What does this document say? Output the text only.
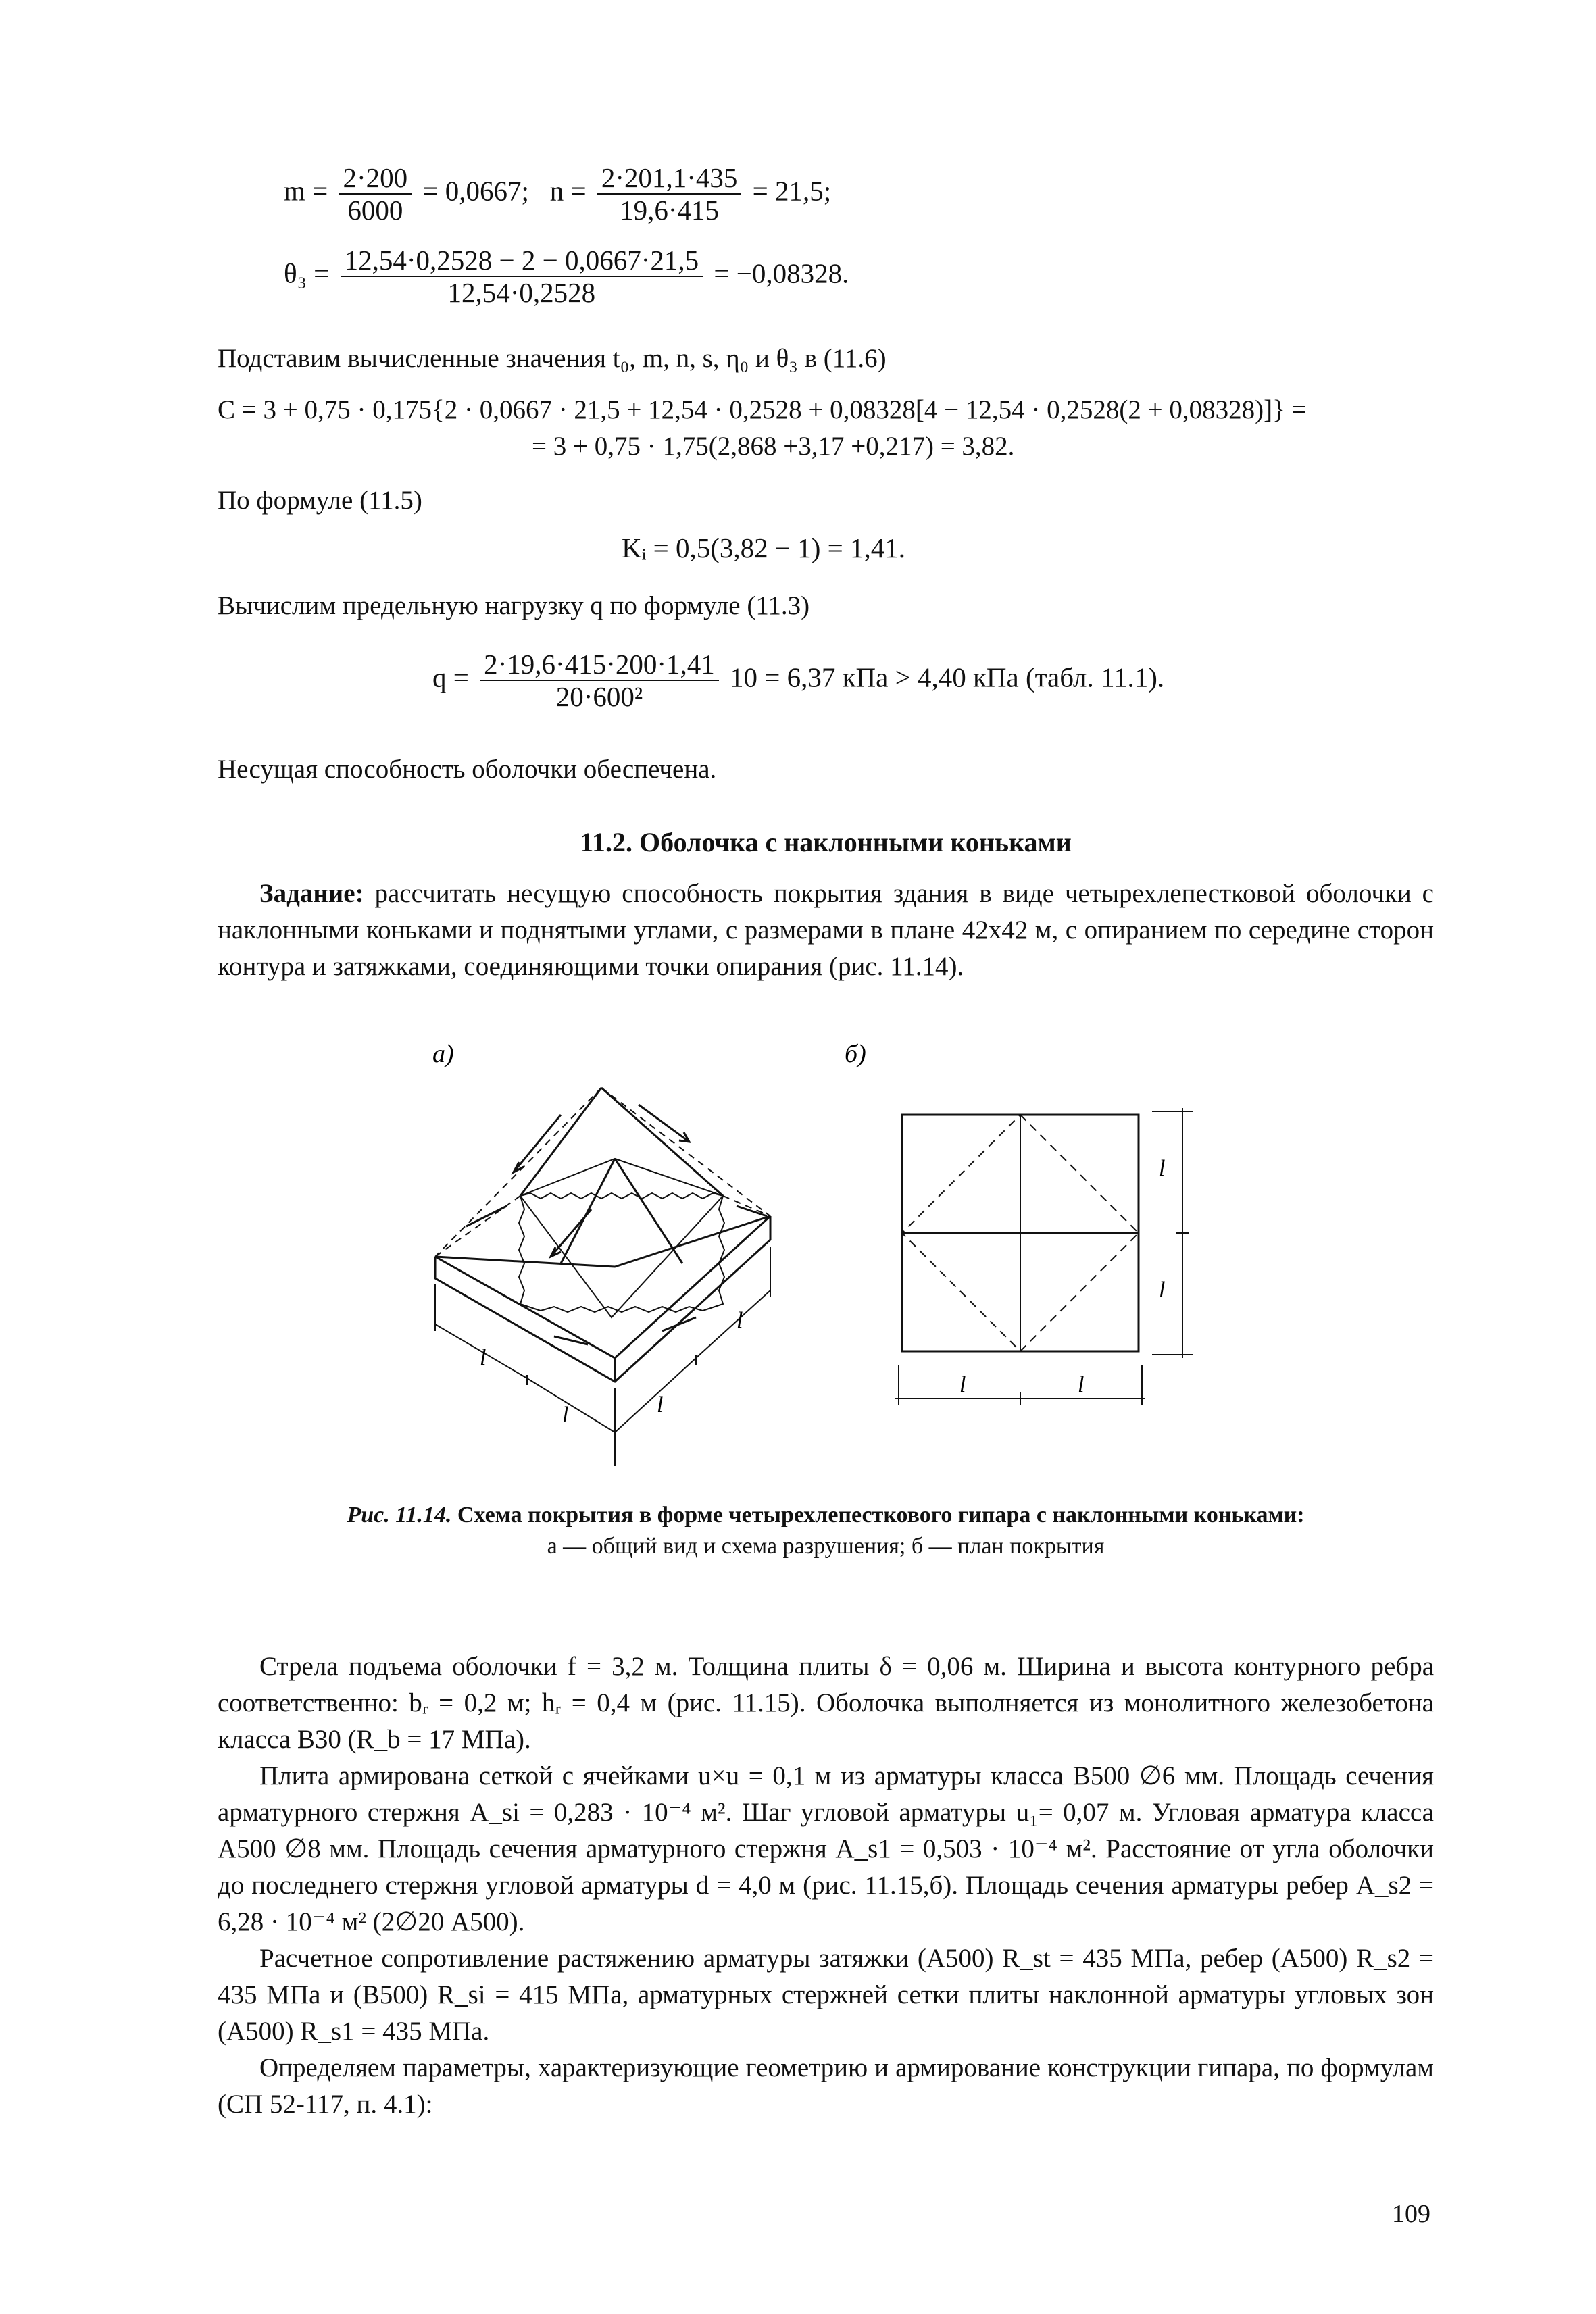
$m = \frac{2\cdot 200}{6000} = 0,0667$; $n = \frac{2\cdot 201,1\cdot 435}{19,6\cdot 415} = 21,5$;
$\theta_3 = \frac{12,54\cdot 0,2528 - 2 - 0,0667\cdot 21,5}{12,54\cdot 0,2528} = -0,08328$.
Подставим вычисленные значения t₀, m, n, s, η₀ и θ₃ в (11.6)
C = 3 + 0,75 · 0,175{2 · 0,0667 · 21,5 + 12,54 · 0,2528 + 0,08328[4 − 12,54 · 0,2528(2 + 0,08328)]} =
= 3 + 0,75 · 1,75(2,868 +3,17 +0,217) = 3,82.
По формуле (11.5)
Kᵢ = 0,5(3,82 − 1) = 1,41.
Вычислим предельную нагрузку q по формуле (11.3)
$q = \frac{2\cdot 19,6\cdot 415\cdot 200\cdot 1,41}{\text{20·600²}} 10 = 6,37$ кПа > 4,40 кПа (табл. 11.1).
Несущая способность оболочки обеспечена.
11.2. Оболочка с наклонными коньками
Задание: рассчитать несущую способность покрытия здания в виде четырехлепестковой оболочки с наклонными коньками и поднятыми углами, с размерами в плане 42х42 м, с опиранием по середине сторон контура и затяжками, соединяющими точки опирания (рис. 11.14).
а)	б)
l
l	l
l
l
l
l	l
Рис. 11.14. Схема покрытия в форме четырехлепесткового гипара с наклонными коньками:
а — общий вид и схема разрушения; б — план покрытия
Стрела подъема оболочки f = 3,2 м. Толщина плиты δ = 0,06 м. Ширина и высота контурного ребра соответственно: bᵣ = 0,2 м; hᵣ = 0,4 м (рис. 11.15). Оболочка выполняется из монолитного железобетона класса В30 (R_b = 17 МПа).
Плита армирована сеткой с ячейками u×u = 0,1 м из арматуры класса В500 ∅6 мм. Площадь сечения арматурного стержня A_si = 0,283 · 10⁻⁴ м². Шаг угловой арматуры u₁= 0,07 м. Угловая арматура класса А500 ∅8 мм. Площадь сечения арматурного стержня A_s1 = 0,503 · 10⁻⁴ м². Расстояние от угла оболочки до последнего стержня угловой арматуры d = 4,0 м (рис. 11.15,б). Площадь сечения арматуры ребер A_s2 = 6,28 · 10⁻⁴ м² (2∅20 А500).
Расчетное сопротивление растяжению арматуры затяжки (А500) R_st = 435 МПа, ребер (А500) R_s2 = 435 МПа и (В500) R_si = 415 МПа, арматурных стержней сетки плиты наклонной арматуры угловых зон (А500) R_s1 = 435 МПа.
Определяем параметры, характеризующие геометрию и армирование конструкции гипара, по формулам (СП 52-117, п. 4.1):
109
